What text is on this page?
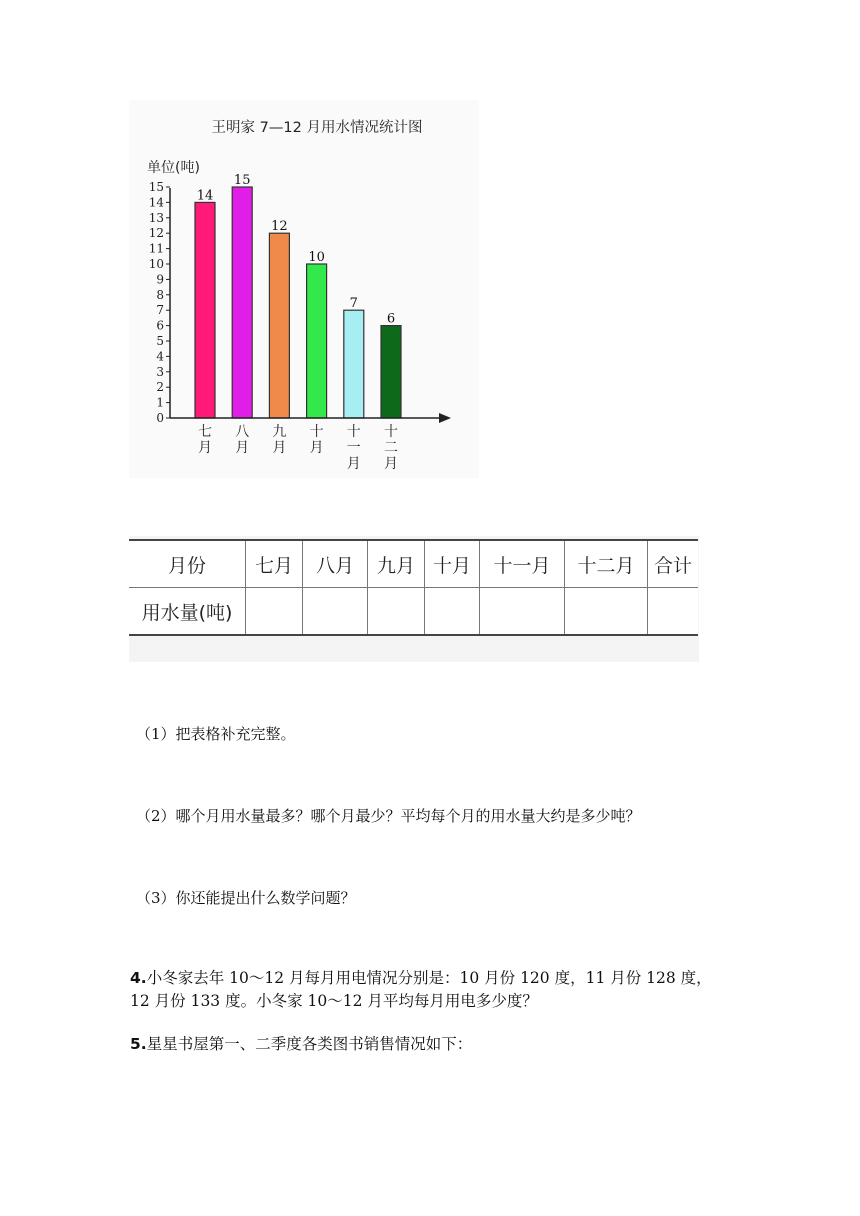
王明家 7—12 月用水情况统计图
单位(吨)
0
1
2
3
4
5
6
7
8
9
10
11
12
13
14
15
14
15
12
10
7
6
七
月
八
月
九
月
十
月
十
一
月
十
二
月
月份	七月	八月	九月	十月	十一月	十二月	合计
用水量(吨)							
（1）把表格补充完整。
（2）哪个月用水量最多？哪个月最少？平均每个月的用水量大约是多少吨？
（3）你还能提出什么数学问题？
4.小冬家去年 10～12 月每月用电情况分别是：10 月份 120 度，11 月份 128 度，
12 月份 133 度。小冬家 10～12 月平均每月用电多少度？
5.星星书屋第一、二季度各类图书销售情况如下：
